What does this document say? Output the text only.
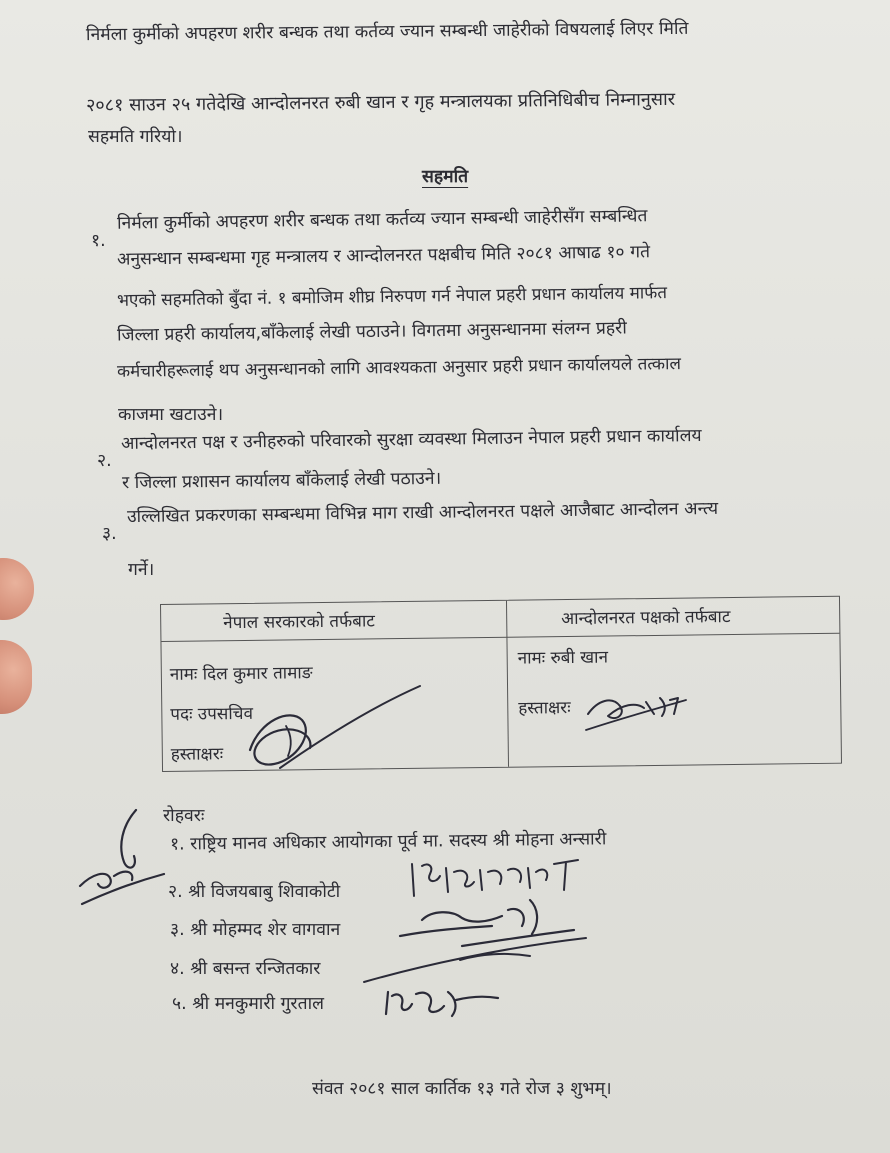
निर्मला कुर्मीको अपहरण शरीर बन्धक तथा कर्तव्य ज्यान सम्बन्धी जाहेरीको विषयलाई लिएर मिति
२०८१ साउन २५ गतेदेखि आन्दोलनरत रुबी खान र गृह मन्त्रालयका प्रतिनिधिबीच निम्नानुसार
सहमति गरियो।
सहमति
१.
निर्मला कुर्मीको अपहरण शरीर बन्धक तथा कर्तव्य ज्यान सम्बन्धी जाहेरीसँग सम्बन्धित
अनुसन्धान सम्बन्धमा गृह मन्त्रालय र आन्दोलनरत पक्षबीच मिति २०८१ आषाढ १० गते
भएको सहमतिको बुँदा नं. १ बमोजिम शीघ्र निरुपण गर्न नेपाल प्रहरी प्रधान कार्यालय मार्फत
जिल्ला प्रहरी कार्यालय,बाँकेलाई लेखी पठाउने। विगतमा अनुसन्धानमा संलग्न प्रहरी
कर्मचारीहरूलाई थप अनुसन्धानको लागि आवश्यकता अनुसार प्रहरी प्रधान कार्यालयले तत्काल
काजमा खटाउने।
२.
आन्दोलनरत पक्ष र उनीहरुको परिवारको सुरक्षा व्यवस्था मिलाउन नेपाल प्रहरी प्रधान कार्यालय
र जिल्ला प्रशासन कार्यालय बाँकेलाई लेखी पठाउने।
३.
उल्लिखित प्रकरणका सम्बन्धमा विभिन्न माग राखी आन्दोलनरत पक्षले आजैबाट आन्दोलन अन्त्य
गर्ने।
नेपाल सरकारको तर्फबाट	आन्दोलनरत पक्षको तर्फबाट
नामः दिल कुमार तामाङ
पदः उपसचिव
हस्ताक्षरः
नामः रुबी खान
हस्ताक्षरः
रोहवरः
१. राष्ट्रिय मानव अधिकार आयोगका पूर्व मा. सदस्य श्री मोहना अन्सारी
२. श्री विजयबाबु शिवाकोटी
३. श्री मोहम्मद शेर वागवान
४. श्री बसन्त रन्जितकार
५. श्री मनकुमारी गुरताल
संवत २०८१ साल कार्तिक १३ गते रोज ३ शुभम्।
